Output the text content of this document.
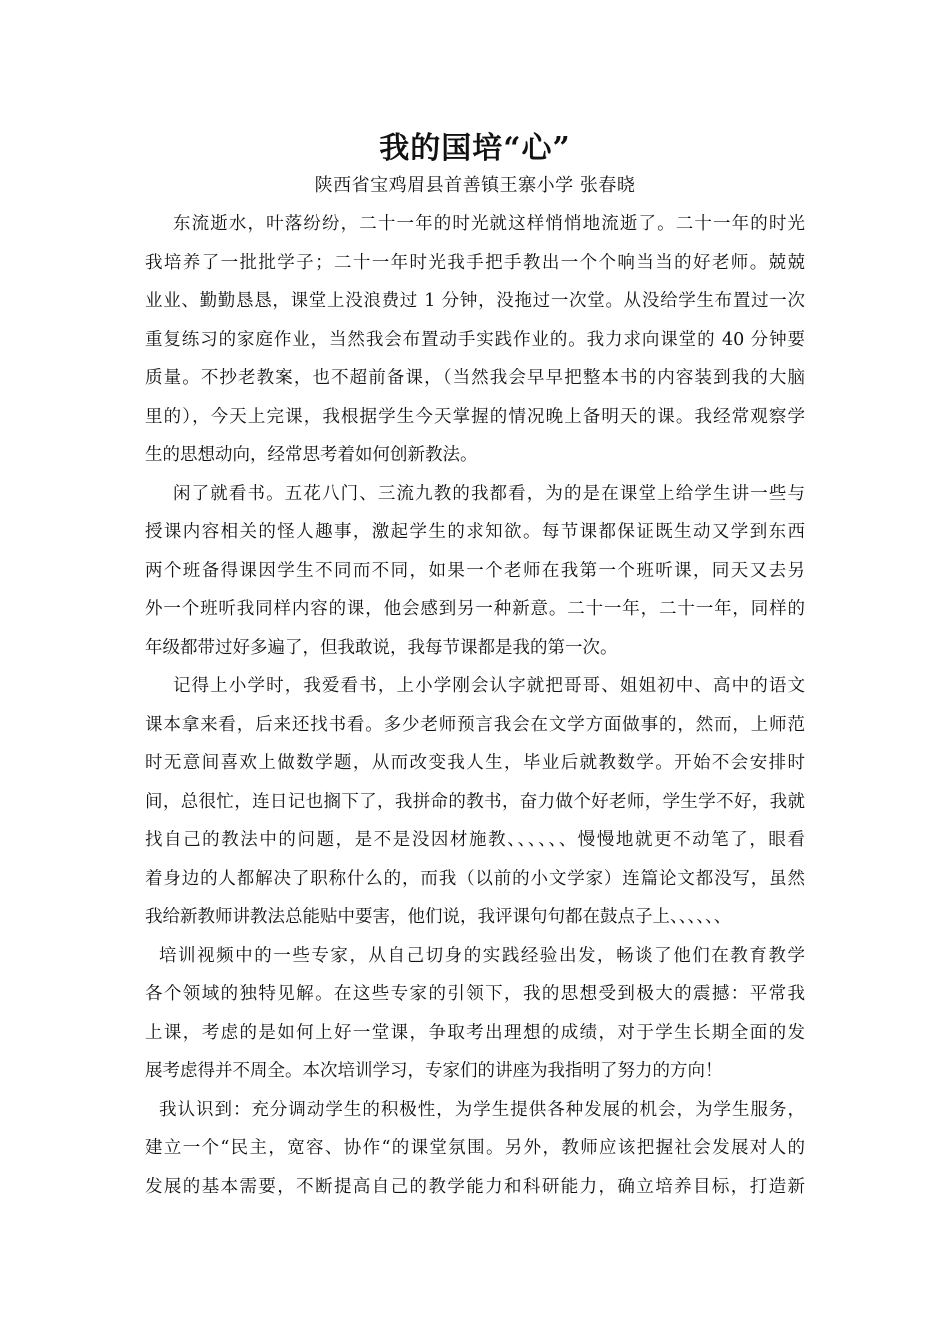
我的国培“心”
陕西省宝鸡眉县首善镇王寨小学 张春晓
东流逝水，叶落纷纷，二十一年的时光就这样悄悄地流逝了。二十一年的时光
我培养了一批批学子；二十一年时光我手把手教出一个个响当当的好老师。兢兢
业业、勤勤恳恳，课堂上没浪费过 1 分钟，没拖过一次堂。从没给学生布置过一次
重复练习的家庭作业，当然我会布置动手实践作业的。我力求向课堂的 40 分钟要
质量。不抄老教案，也不超前备课，（当然我会早早把整本书的内容装到我的大脑
里的），今天上完课，我根据学生今天掌握的情况晚上备明天的课。我经常观察学
生的思想动向，经常思考着如何创新教法。
闲了就看书。五花八门、三流九教的我都看，为的是在课堂上给学生讲一些与
授课内容相关的怪人趣事，激起学生的求知欲。每节课都保证既生动又学到东西
两个班备得课因学生不同而不同，如果一个老师在我第一个班听课，同天又去另
外一个班听我同样内容的课，他会感到另一种新意。二十一年，二十一年，同样的
年级都带过好多遍了，但我敢说，我每节课都是我的第一次。
记得上小学时，我爱看书，上小学刚会认字就把哥哥、姐姐初中、高中的语文
课本拿来看，后来还找书看。多少老师预言我会在文学方面做事的，然而，上师范
时无意间喜欢上做数学题，从而改变我人生，毕业后就教数学。开始不会安排时
间，总很忙，连日记也搁下了，我拼命的教书，奋力做个好老师，学生学不好，我就
找自己的教法中的问题，是不是没因材施教、、、、、、慢慢地就更不动笔了，眼看
着身边的人都解决了职称什么的，而我（以前的小文学家）连篇论文都没写，虽然
我给新教师讲教法总能贴中要害，他们说，我评课句句都在鼓点子上、、、、、、
培训视频中的一些专家，从自己切身的实践经验出发，畅谈了他们在教育教学
各个领域的独特见解。在这些专家的引领下，我的思想受到极大的震撼：平常我
上课，考虑的是如何上好一堂课，争取考出理想的成绩，对于学生长期全面的发
展考虑得并不周全。本次培训学习，专家们的讲座为我指明了努力的方向！
我认识到：充分调动学生的积极性，为学生提供各种发展的机会，为学生服务，
建立一个“民主，宽容、协作“的课堂氛围。另外，教师应该把握社会发展对人的
发展的基本需要，不断提高自己的教学能力和科研能力，确立培养目标，打造新
